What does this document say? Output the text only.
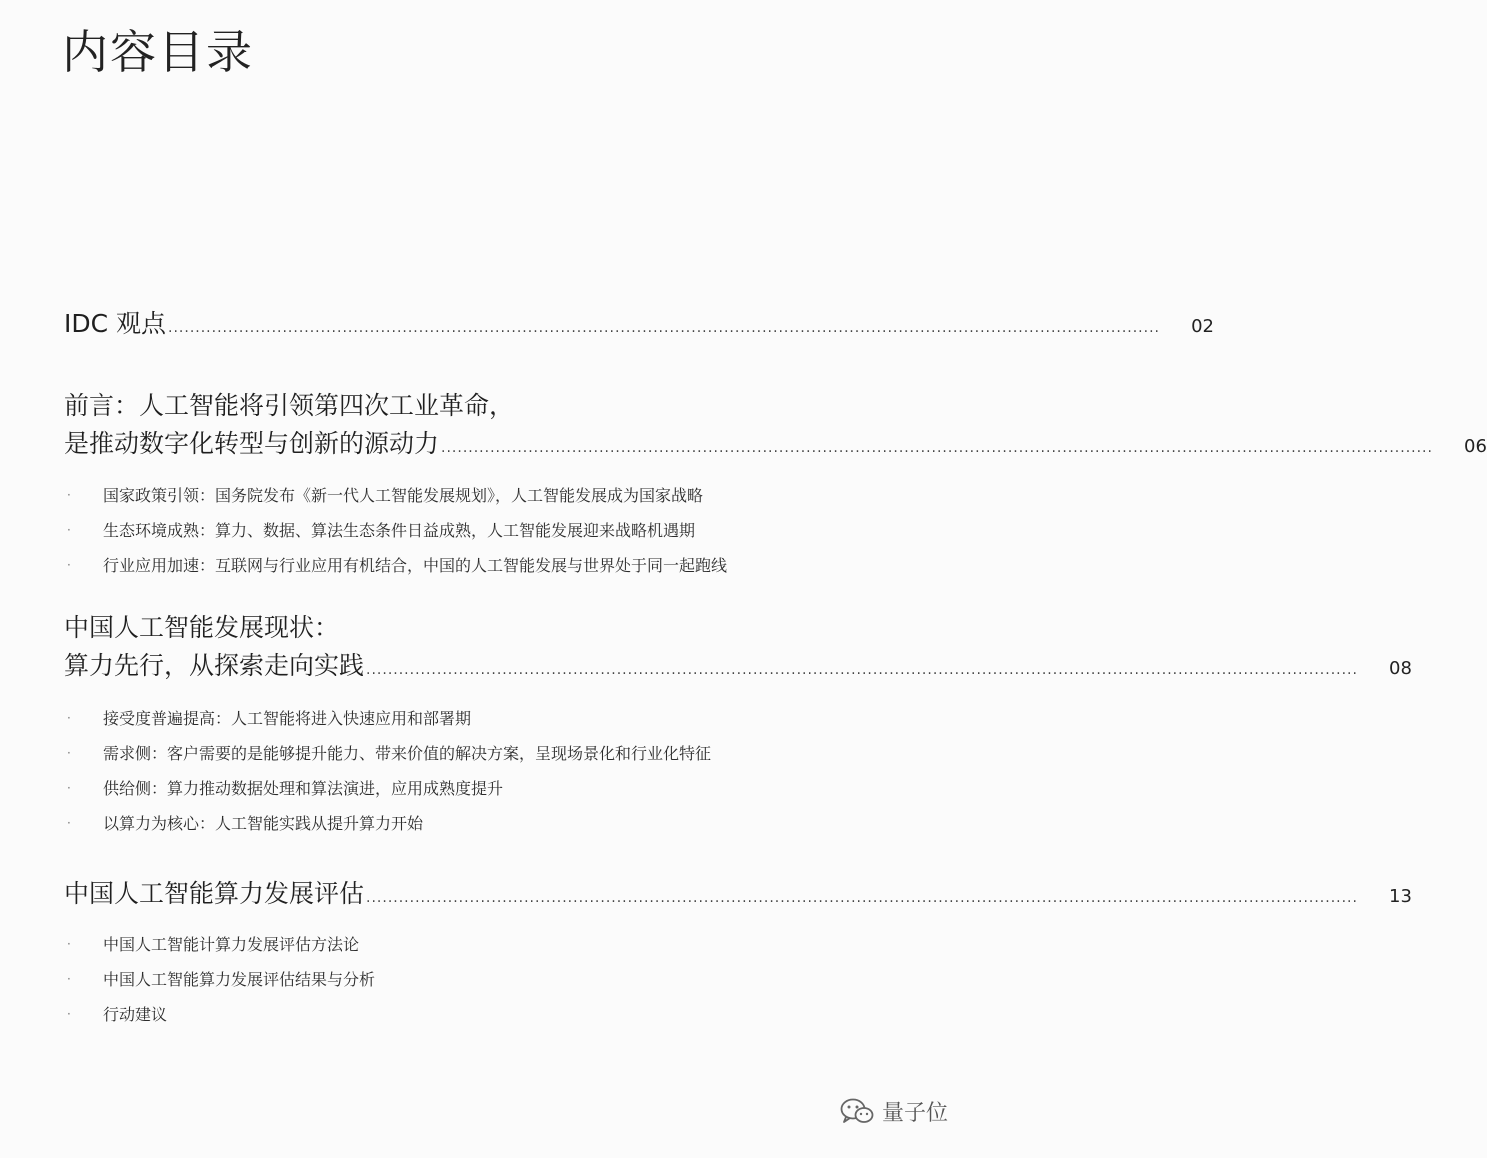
内容目录
IDC 观点 ......................................................................................................................................................................................	02
前言：人工智能将引领第四次工业革命，
是推动数字化转型与创新的源动力 ......................................................................................................................................................................................	06
·	国家政策引领：国务院发布《新一代人工智能发展规划》，人工智能发展成为国家战略
·	生态环境成熟：算力、数据、算法生态条件日益成熟，人工智能发展迎来战略机遇期
·	行业应用加速：互联网与行业应用有机结合，中国的人工智能发展与世界处于同一起跑线
中国人工智能发展现状：
算力先行，从探索走向实践 ......................................................................................................................................................................................	08
·	接受度普遍提高：人工智能将进入快速应用和部署期
·	需求侧：客户需要的是能够提升能力、带来价值的解决方案，呈现场景化和行业化特征
·	供给侧：算力推动数据处理和算法演进，应用成熟度提升
·	以算力为核心：人工智能实践从提升算力开始
中国人工智能算力发展评估 ......................................................................................................................................................................................	13
·	中国人工智能计算力发展评估方法论
·	中国人工智能算力发展评估结果与分析
·	行动建议
量子位
